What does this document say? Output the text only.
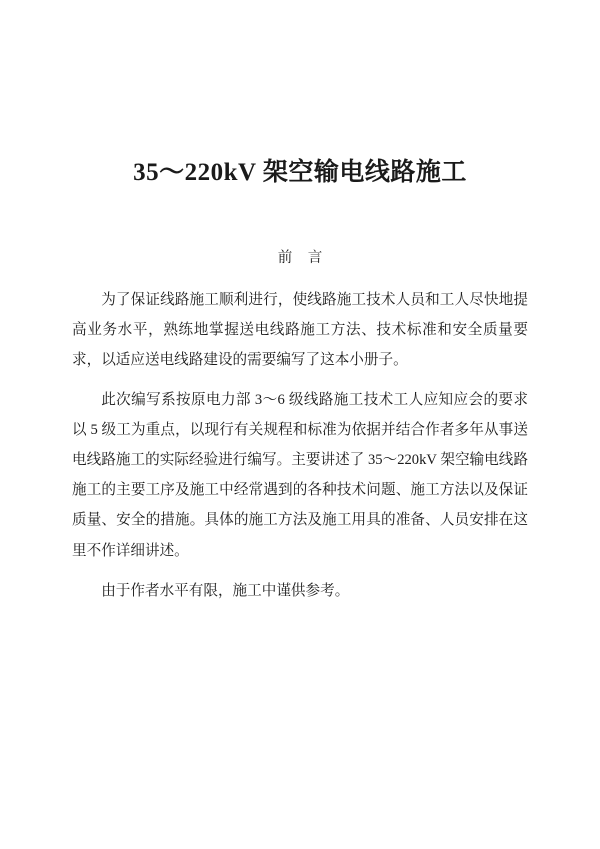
35～220kV 架空输电线路施工
前 言

为了保证线路施工顺利进行，使线路施工技术人员和工人尽快地提高业务水平，熟练地掌握送电线路施工方法、技术标准和安全质量要求，以适应送电线路建设的需要编写了这本小册子。

此次编写系按原电力部 3～6 级线路施工技术工人应知应会的要求以 5 级工为重点，以现行有关规程和标准为依据并结合作者多年从事送电线路施工的实际经验进行编写。主要讲述了 35～220kV 架空输电线路施工的主要工序及施工中经常遇到的各种技术问题、施工方法以及保证质量、安全的措施。具体的施工方法及施工用具的准备、人员安排在这里不作详细讲述。

由于作者水平有限，施工中谨供参考。
